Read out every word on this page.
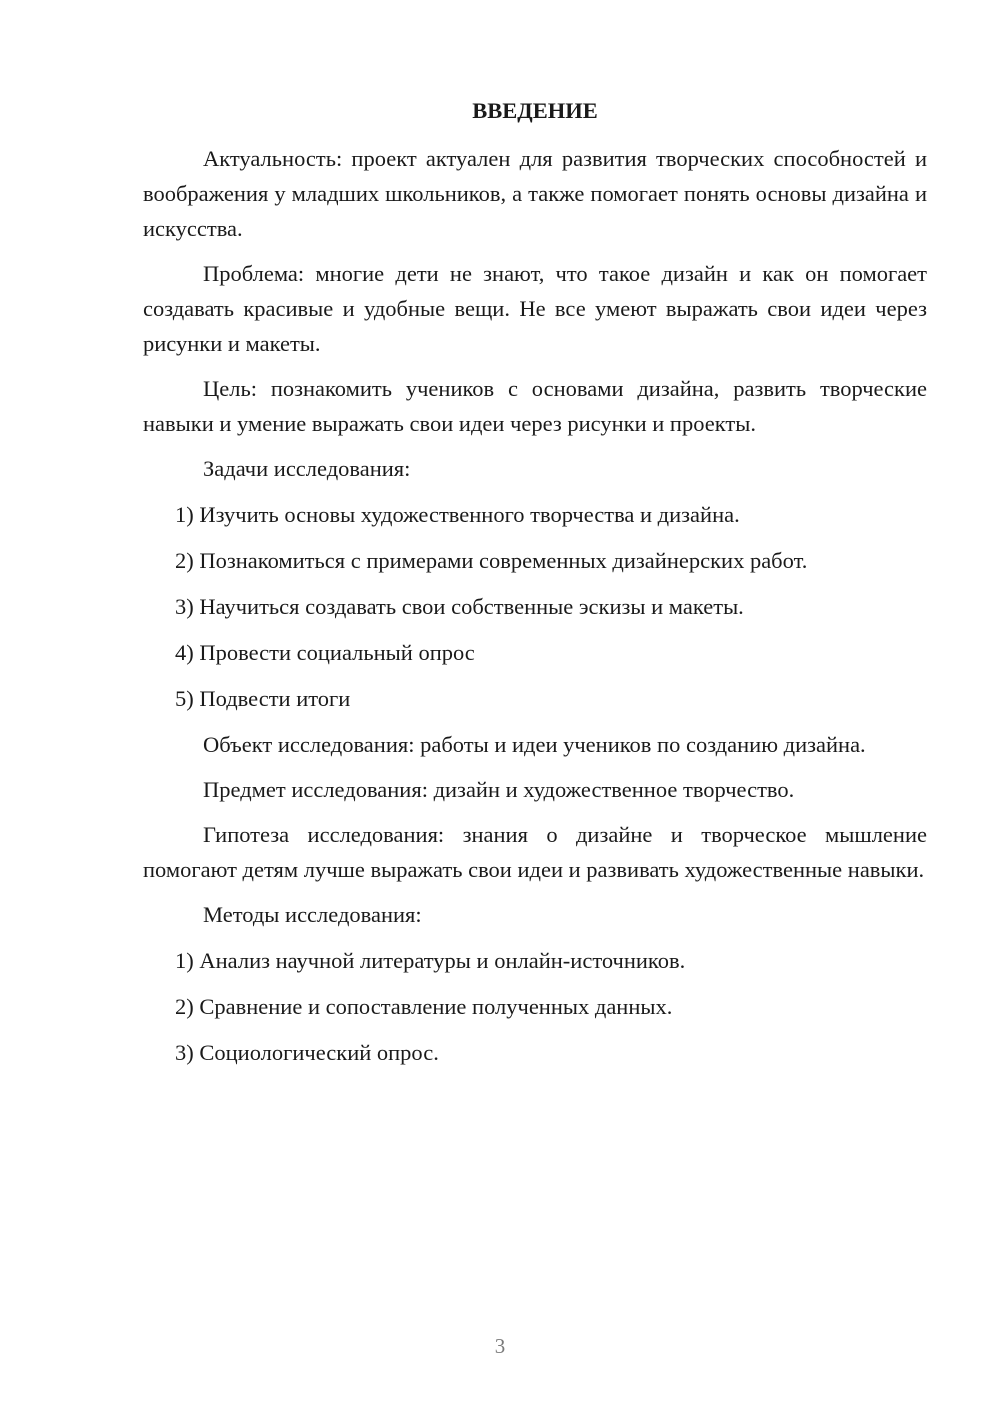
ВВЕДЕНИЕ
Актуальность: проект актуален для развития творческих способностей и воображения у младших школьников, а также помогает понять основы дизайна и искусства.
Проблема: многие дети не знают, что такое дизайн и как он помогает создавать красивые и удобные вещи. Не все умеют выражать свои идеи через рисунки и макеты.
Цель: познакомить учеников с основами дизайна, развить творческие навыки и умение выражать свои идеи через рисунки и проекты.
Задачи исследования:
1) Изучить основы художественного творчества и дизайна.
2) Познакомиться с примерами современных дизайнерских работ.
3) Научиться создавать свои собственные эскизы и макеты.
4) Провести социальный опрос
5) Подвести итоги
Объект исследования: работы и идеи учеников по созданию дизайна.
Предмет исследования: дизайн и художественное творчество.
Гипотеза исследования: знания о дизайне и творческое мышление помогают детям лучше выражать свои идеи и развивать художественные навыки.
Методы исследования:
1) Анализ научной литературы и онлайн-источников.
2) Сравнение и сопоставление полученных данных.
3) Социологический опрос.
3
